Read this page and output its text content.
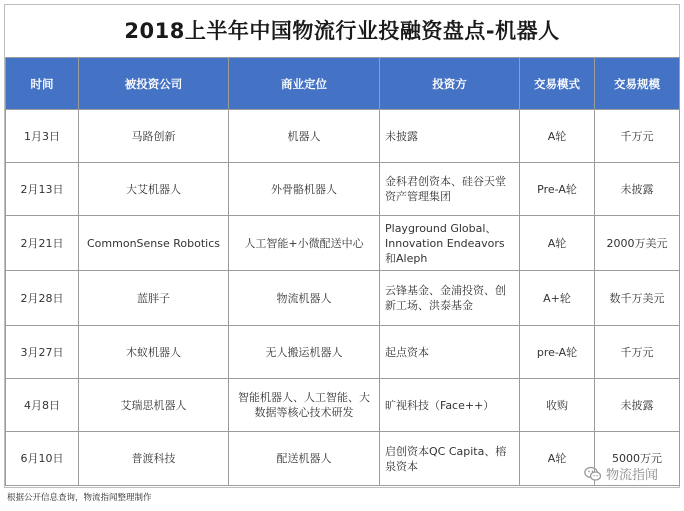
2018上半年中国物流行业投融资盘点-机器人
时间	被投资公司	商业定位	投资方	交易模式	交易规模
1月3日	马路创新	机器人	未披露	A轮	千万元
2月13日	大艾机器人	外骨骼机器人	金科君创资本、硅谷天堂资产管理集团	Pre-A轮	未披露
2月21日	CommonSense Robotics	人工智能+小微配送中心	Playground Global、Innovation Endeavors和Aleph	A轮	2000万美元
2月28日	蓝胖子	物流机器人	云锋基金、金浦投资、创新工场、洪泰基金	A+轮	数千万美元
3月27日	木蚁机器人	无人搬运机器人	起点资本	pre-A轮	千万元
4月8日	艾瑞思机器人	智能机器人、人工智能、大数据等核心技术研发	旷视科技（Face++）	收购	未披露
6月10日	普渡科技	配送机器人	启创资本QC Capita、榕泉资本	A轮	5000万元
物流指闻
根据公开信息查询，物流指闻整理制作
